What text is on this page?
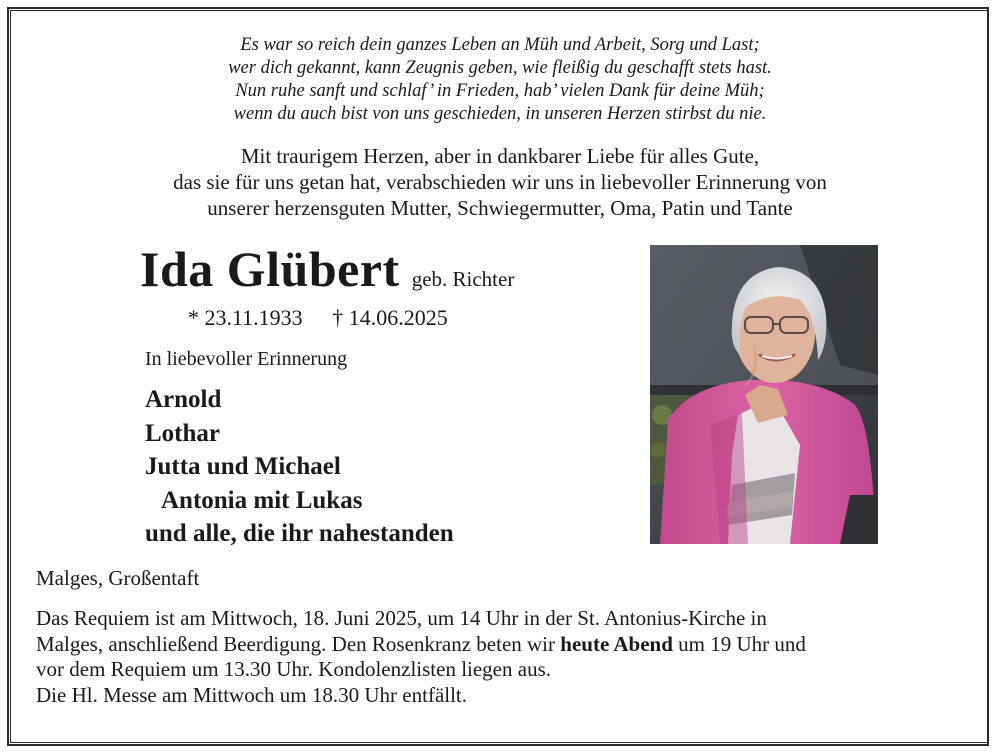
Es war so reich dein ganzes Leben an Müh und Arbeit, Sorg und Last;
wer dich gekannt, kann Zeugnis geben, wie fleißig du geschafft stets hast.
Nun ruhe sanft und schlaf’ in Frieden, hab’ vielen Dank für deine Müh;
wenn du auch bist von uns geschieden, in unseren Herzen stirbst du nie.
Mit traurigem Herzen, aber in dankbarer Liebe für alles Gute,
das sie für uns getan hat, verabschieden wir uns in liebevoller Erinnerung von
unserer herzensguten Mutter, Schwiegermutter, Oma, Patin und Tante
Ida Glübert geb. Richter
* 23.11.1933 † 14.06.2025
In liebevoller Erinnerung
Arnold
Lothar
Jutta und Michael
Antonia mit Lukas
und alle, die ihr nahestanden
Malges, Großentaft
Das Requiem ist am Mittwoch, 18. Juni 2025, um 14 Uhr in der St. Antonius-Kirche in
Malges, anschließend Beerdigung. Den Rosenkranz beten wir heute Abend um 19 Uhr und
vor dem Requiem um 13.30 Uhr. Kondolenzlisten liegen aus.
Die Hl. Messe am Mittwoch um 18.30 Uhr entfällt.
